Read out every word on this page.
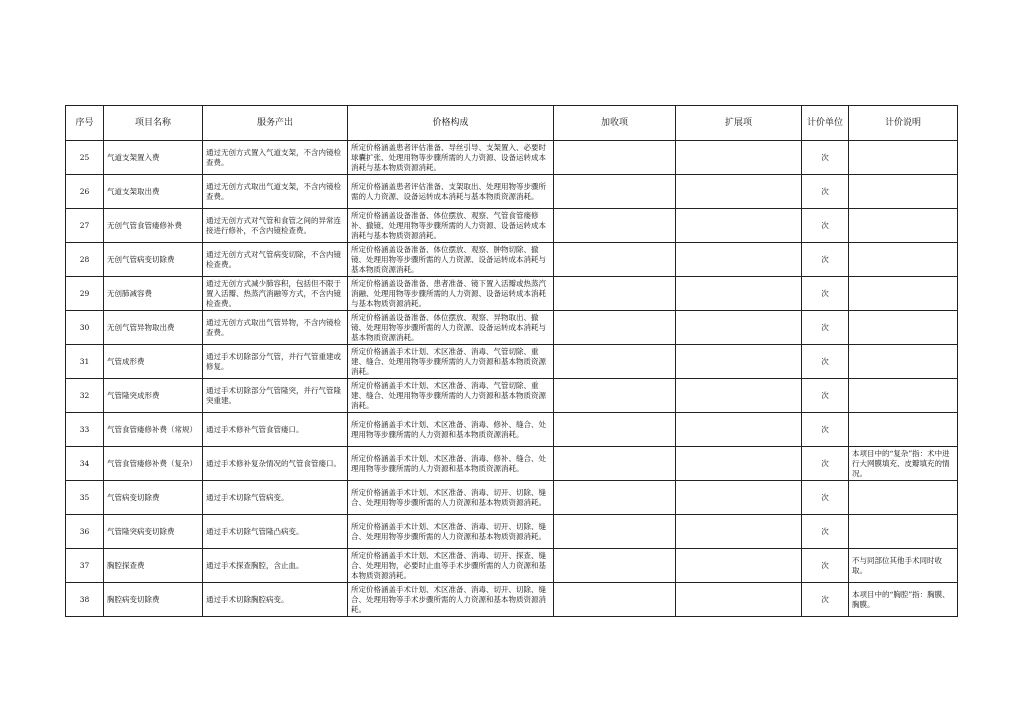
序号	项目名称	服务产出	价格构成	加收项	扩展项	计价单位	计价说明
25	气道支架置入费	通过无创方式置入气道支架，不含内镜检查费。	所定价格涵盖患者评估准备、导丝引导、支架置入、必要时球囊扩张、处理用物等步骤所需的人力资源、设备运转成本消耗与基本物质资源消耗。			次	
26	气道支架取出费	通过无创方式取出气道支架，不含内镜检查费。	所定价格涵盖患者评估准备、支架取出、处理用物等步骤所需的人力资源、设备运转成本消耗与基本物质资源消耗。			次	
27	无创气管食管瘘修补费	通过无创方式对气管和食管之间的异常连接进行修补，不含内镜检查费。	所定价格涵盖设备准备、体位摆放、观察、气管食管瘘修补、撤镜、处理用物等步骤所需的人力资源、设备运转成本消耗与基本物质资源消耗。			次	
28	无创气管病变切除费	通过无创方式对气管病变切除，不含内镜检查费。	所定价格涵盖设备准备、体位摆放、观察、肿物切除、撤镜、处理用物等步骤所需的人力资源、设备运转成本消耗与基本物质资源消耗。			次	
29	无创肺减容费	通过无创方式减少肺容积，包括但不限于置入活瓣、热蒸汽消融等方式，不含内镜检查费。	所定价格涵盖设备准备、患者准备、镜下置入活瓣或热蒸汽消融、处理用物等步骤所需的人力资源、设备运转成本消耗与基本物质资源消耗。			次	
30	无创气管异物取出费	通过无创方式取出气管异物，不含内镜检查费。	所定价格涵盖设备准备、体位摆放、观察、异物取出、撤镜、处理用物等步骤所需的人力资源、设备运转成本消耗与基本物质资源消耗。			次	
31	气管成形费	通过手术切除部分气管，并行气管重建或修复。	所定价格涵盖手术计划、术区准备、消毒、气管切除、重建、缝合、处理用物等步骤所需的人力资源和基本物质资源消耗。			次	
32	气管隆突成形费	通过手术切除部分气管隆突，并行气管隆突重建。	所定价格涵盖手术计划、术区准备、消毒、气管切除、重建、缝合、处理用物等步骤所需的人力资源和基本物质资源消耗。			次	
33	气管食管瘘修补费（常规）	通过手术修补气管食管瘘口。	所定价格涵盖手术计划、术区准备、消毒、修补、缝合、处理用物等步骤所需的人力资源和基本物质资源消耗。			次	
34	气管食管瘘修补费（复杂）	通过手术修补复杂情况的气管食管瘘口。	所定价格涵盖手术计划、术区准备、消毒、修补、缝合、处理用物等步骤所需的人力资源和基本物质资源消耗。			次	本项目中的“复杂”指：术中进行大网膜填充、皮瓣填充的情况。
35	气管病变切除费	通过手术切除气管病变。	所定价格涵盖手术计划、术区准备、消毒、切开、切除、缝合、处理用物等步骤所需的人力资源和基本物质资源消耗。			次	
36	气管隆突病变切除费	通过手术切除气管隆凸病变。	所定价格涵盖手术计划、术区准备、消毒、切开、切除、缝合、处理用物等步骤所需的人力资源和基本物质资源消耗。			次	
37	胸腔探查费	通过手术探查胸腔，含止血。	所定价格涵盖手术计划、术区准备、消毒、切开、探查、缝合、处理用物，必要时止血等手术步骤所需的人力资源和基本物质资源消耗。			次	不与同部位其他手术同时收取。
38	胸腔病变切除费	通过手术切除胸腔病变。	所定价格涵盖手术计划、术区准备、消毒、切开、切除、缝合、处理用物等手术步骤所需的人力资源和基本物质资源消耗。			次	本项目中的“胸腔”指：胸膜、胸膜。
